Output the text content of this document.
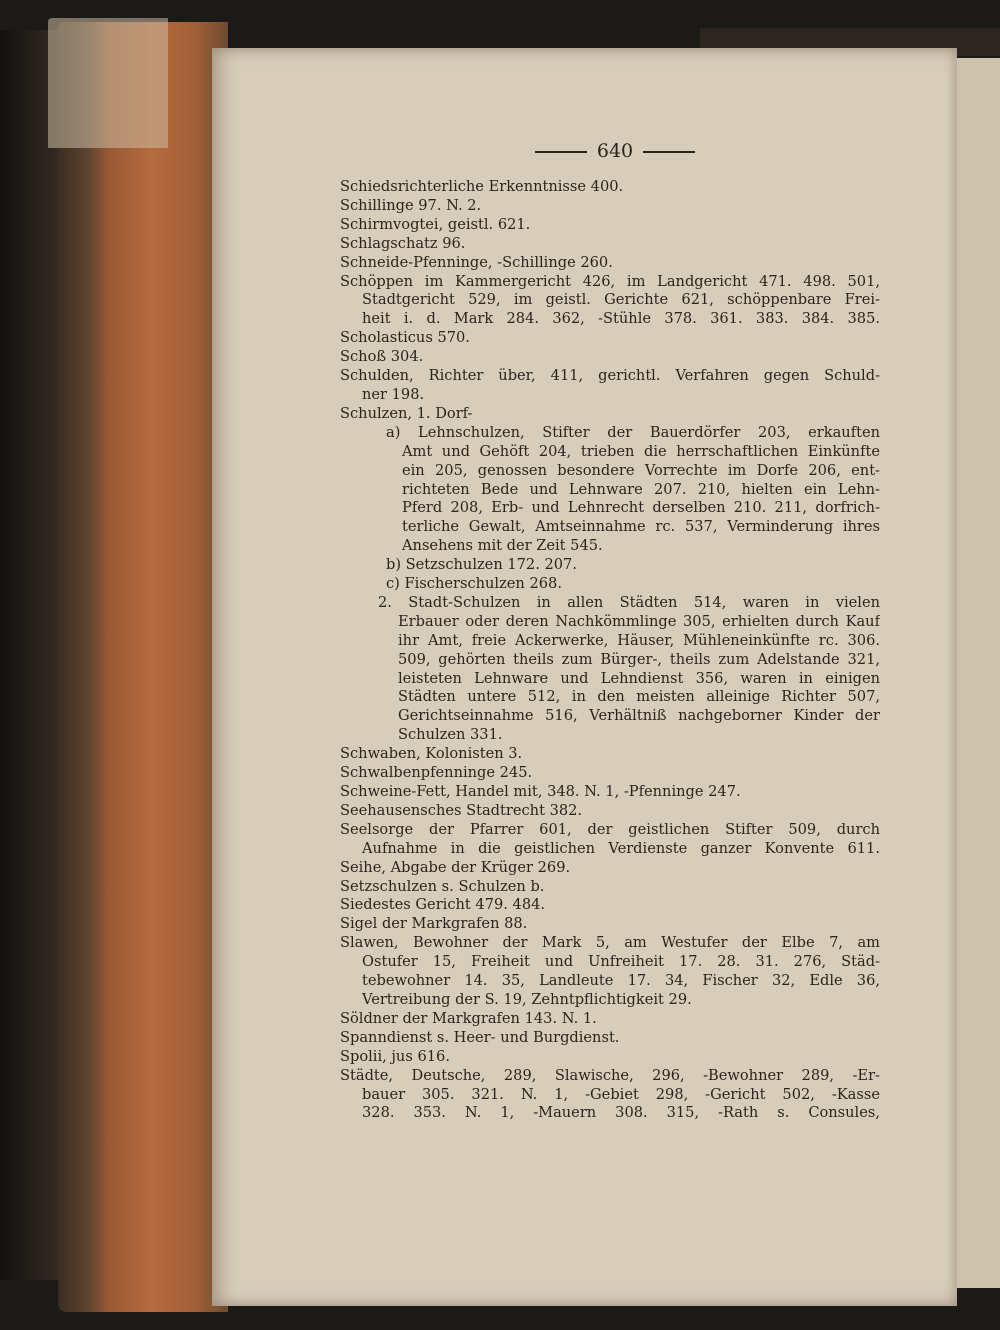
640
Schiedsrichterliche Erkenntnisse 400.
Schillinge 97. N. 2.
Schirmvogtei, geistl. 621.
Schlagschatz 96.
Schneide-Pfenninge, -Schillinge 260.
Schöppen im Kammergericht 426, im Landgericht 471. 498. 501,
Stadtgericht 529, im geistl. Gerichte 621, schöppenbare Frei-
heit i. d. Mark 284. 362, -Stühle 378. 361. 383. 384. 385.
Scholasticus 570.
Schoß 304.
Schulden, Richter über, 411, gerichtl. Verfahren gegen Schuld-
ner 198.
Schulzen, 1. Dorf-
a) Lehnschulzen, Stifter der Bauerdörfer 203, erkauften
Amt und Gehöft 204, trieben die herrschaftlichen Einkünfte
ein 205, genossen besondere Vorrechte im Dorfe 206, ent-
richteten Bede und Lehnware 207. 210, hielten ein Lehn-
Pferd 208, Erb- und Lehnrecht derselben 210. 211, dorfrich-
terliche Gewalt, Amtseinnahme rc. 537, Verminderung ihres
Ansehens mit der Zeit 545.
b) Setzschulzen 172. 207.
c) Fischerschulzen 268.
2. Stadt-Schulzen in allen Städten 514, waren in vielen
Erbauer oder deren Nachkömmlinge 305, erhielten durch Kauf
ihr Amt, freie Ackerwerke, Häuser, Mühleneinkünfte rc. 306.
509, gehörten theils zum Bürger-, theils zum Adelstande 321,
leisteten Lehnware und Lehndienst 356, waren in einigen
Städten untere 512, in den meisten alleinige Richter 507,
Gerichtseinnahme 516, Verhältniß nachgeborner Kinder der
Schulzen 331.
Schwaben, Kolonisten 3.
Schwalbenpfenninge 245.
Schweine-Fett, Handel mit, 348. N. 1, -Pfenninge 247.
Seehausensches Stadtrecht 382.
Seelsorge der Pfarrer 601, der geistlichen Stifter 509, durch
Aufnahme in die geistlichen Verdienste ganzer Konvente 611.
Seihe, Abgabe der Krüger 269.
Setzschulzen s. Schulzen b.
Siedestes Gericht 479. 484.
Sigel der Markgrafen 88.
Slawen, Bewohner der Mark 5, am Westufer der Elbe 7, am
Ostufer 15, Freiheit und Unfreiheit 17. 28. 31. 276, Städ-
tebewohner 14. 35, Landleute 17. 34, Fischer 32, Edle 36,
Vertreibung der S. 19, Zehntpflichtigkeit 29.
Söldner der Markgrafen 143. N. 1.
Spanndienst s. Heer- und Burgdienst.
Spolii, jus 616.
Städte, Deutsche, 289, Slawische, 296, -Bewohner 289, -Er-
bauer 305. 321. N. 1, -Gebiet 298, -Gericht 502, -Kasse
328. 353. N. 1, -Mauern 308. 315, -Rath s. Consules,
